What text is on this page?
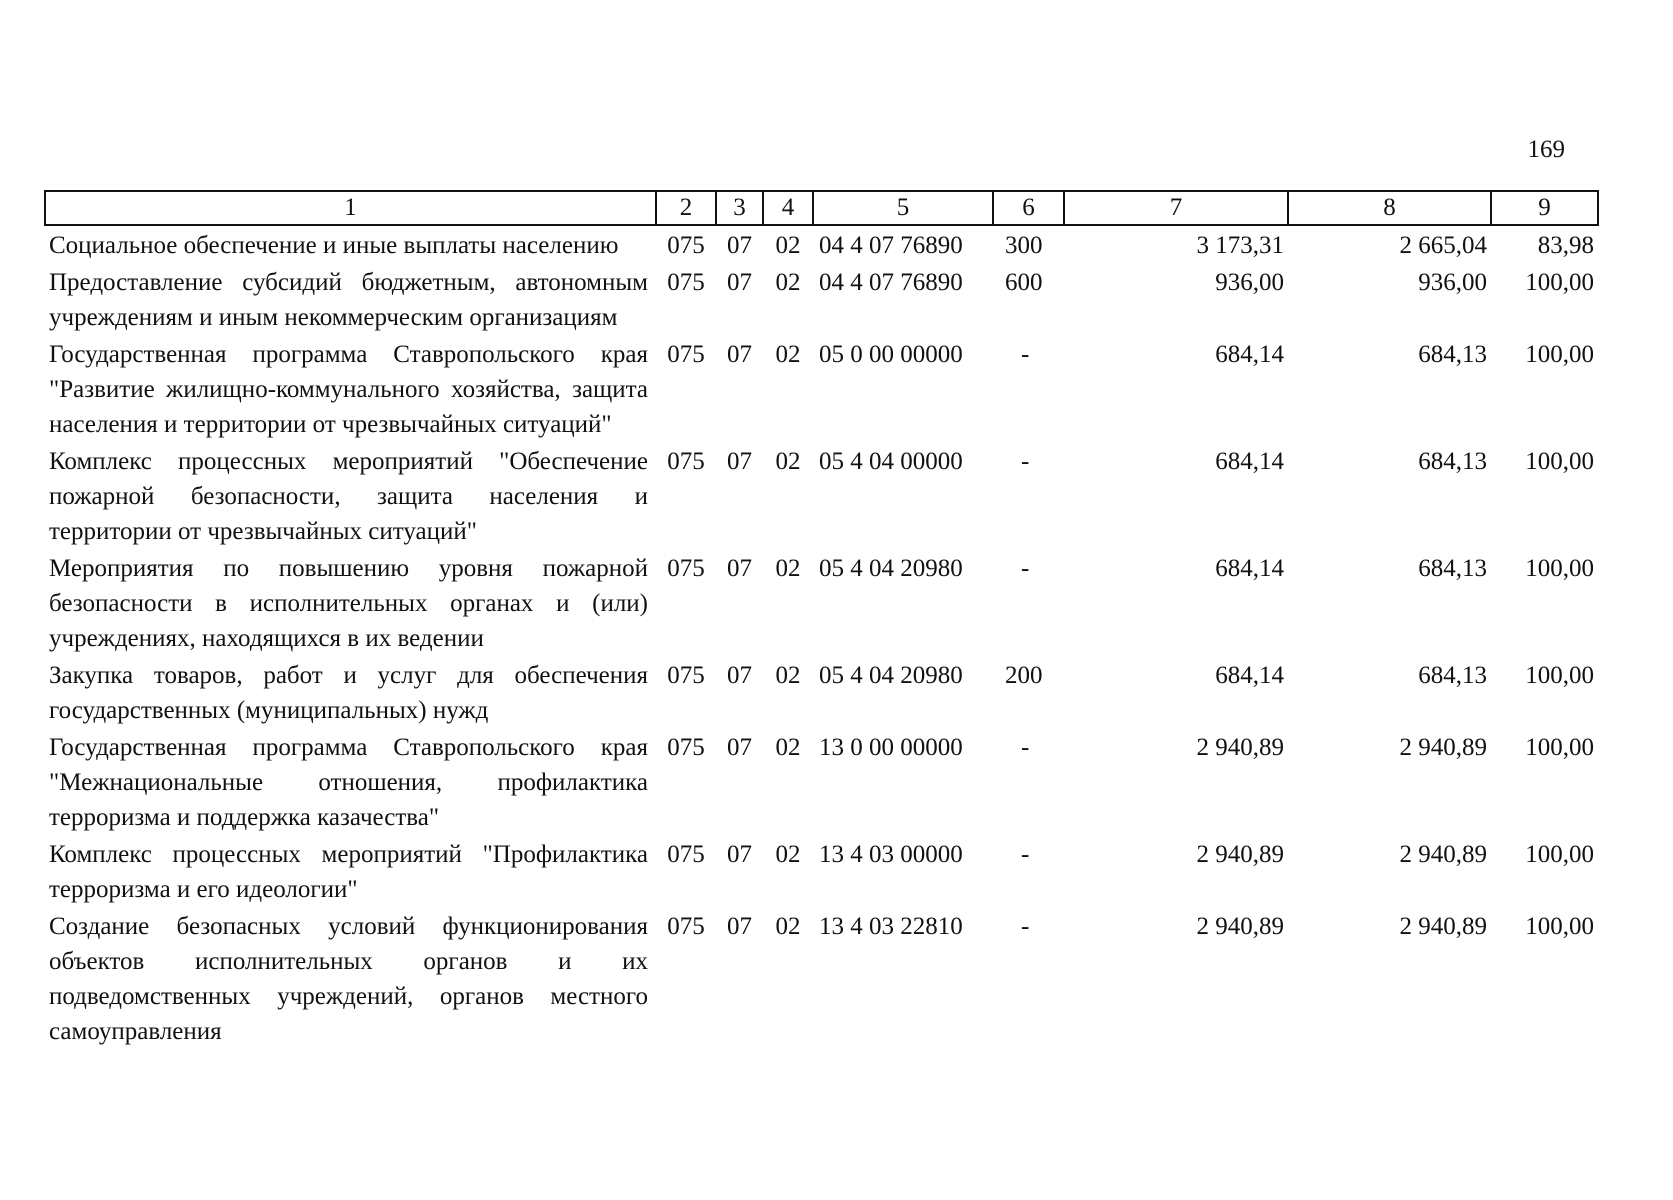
169
1	2	3	4	5	6	7	8	9
Социальное обеспечение и иные выплаты населению	075	07	02	04 4 07 76890	300	3 173,31	2 665,04	83,98
Предоставление субсидий бюджетным, автономным учреждениям и иным некоммерческим организациям	075	07	02	04 4 07 76890	600	936,00	936,00	100,00
Государственная программа Ставропольского края "Развитие жилищно-коммунального хозяйства, защита населения и территории от чрезвычайных ситуаций"	075	07	02	05 0 00 00000	-	684,14	684,13	100,00
Комплекс процессных мероприятий "Обеспечение пожарной безопасности, защита населения и территории от чрезвычайных ситуаций"	075	07	02	05 4 04 00000	-	684,14	684,13	100,00
Мероприятия по повышению уровня пожарной безопасности в исполнительных органах и (или) учреждениях, находящихся в их ведении	075	07	02	05 4 04 20980	-	684,14	684,13	100,00
Закупка товаров, работ и услуг для обеспечения государственных (муниципальных) нужд	075	07	02	05 4 04 20980	200	684,14	684,13	100,00
Государственная программа Ставропольского края "Межнациональные отношения, профилактика терроризма и поддержка казачества"	075	07	02	13 0 00 00000	-	2 940,89	2 940,89	100,00
Комплекс процессных мероприятий "Профилактика терроризма и его идеологии"	075	07	02	13 4 03 00000	-	2 940,89	2 940,89	100,00
Создание безопасных условий функционирования объектов исполнительных органов и их подведомственных учреждений, органов местного самоуправления	075	07	02	13 4 03 22810	-	2 940,89	2 940,89	100,00
